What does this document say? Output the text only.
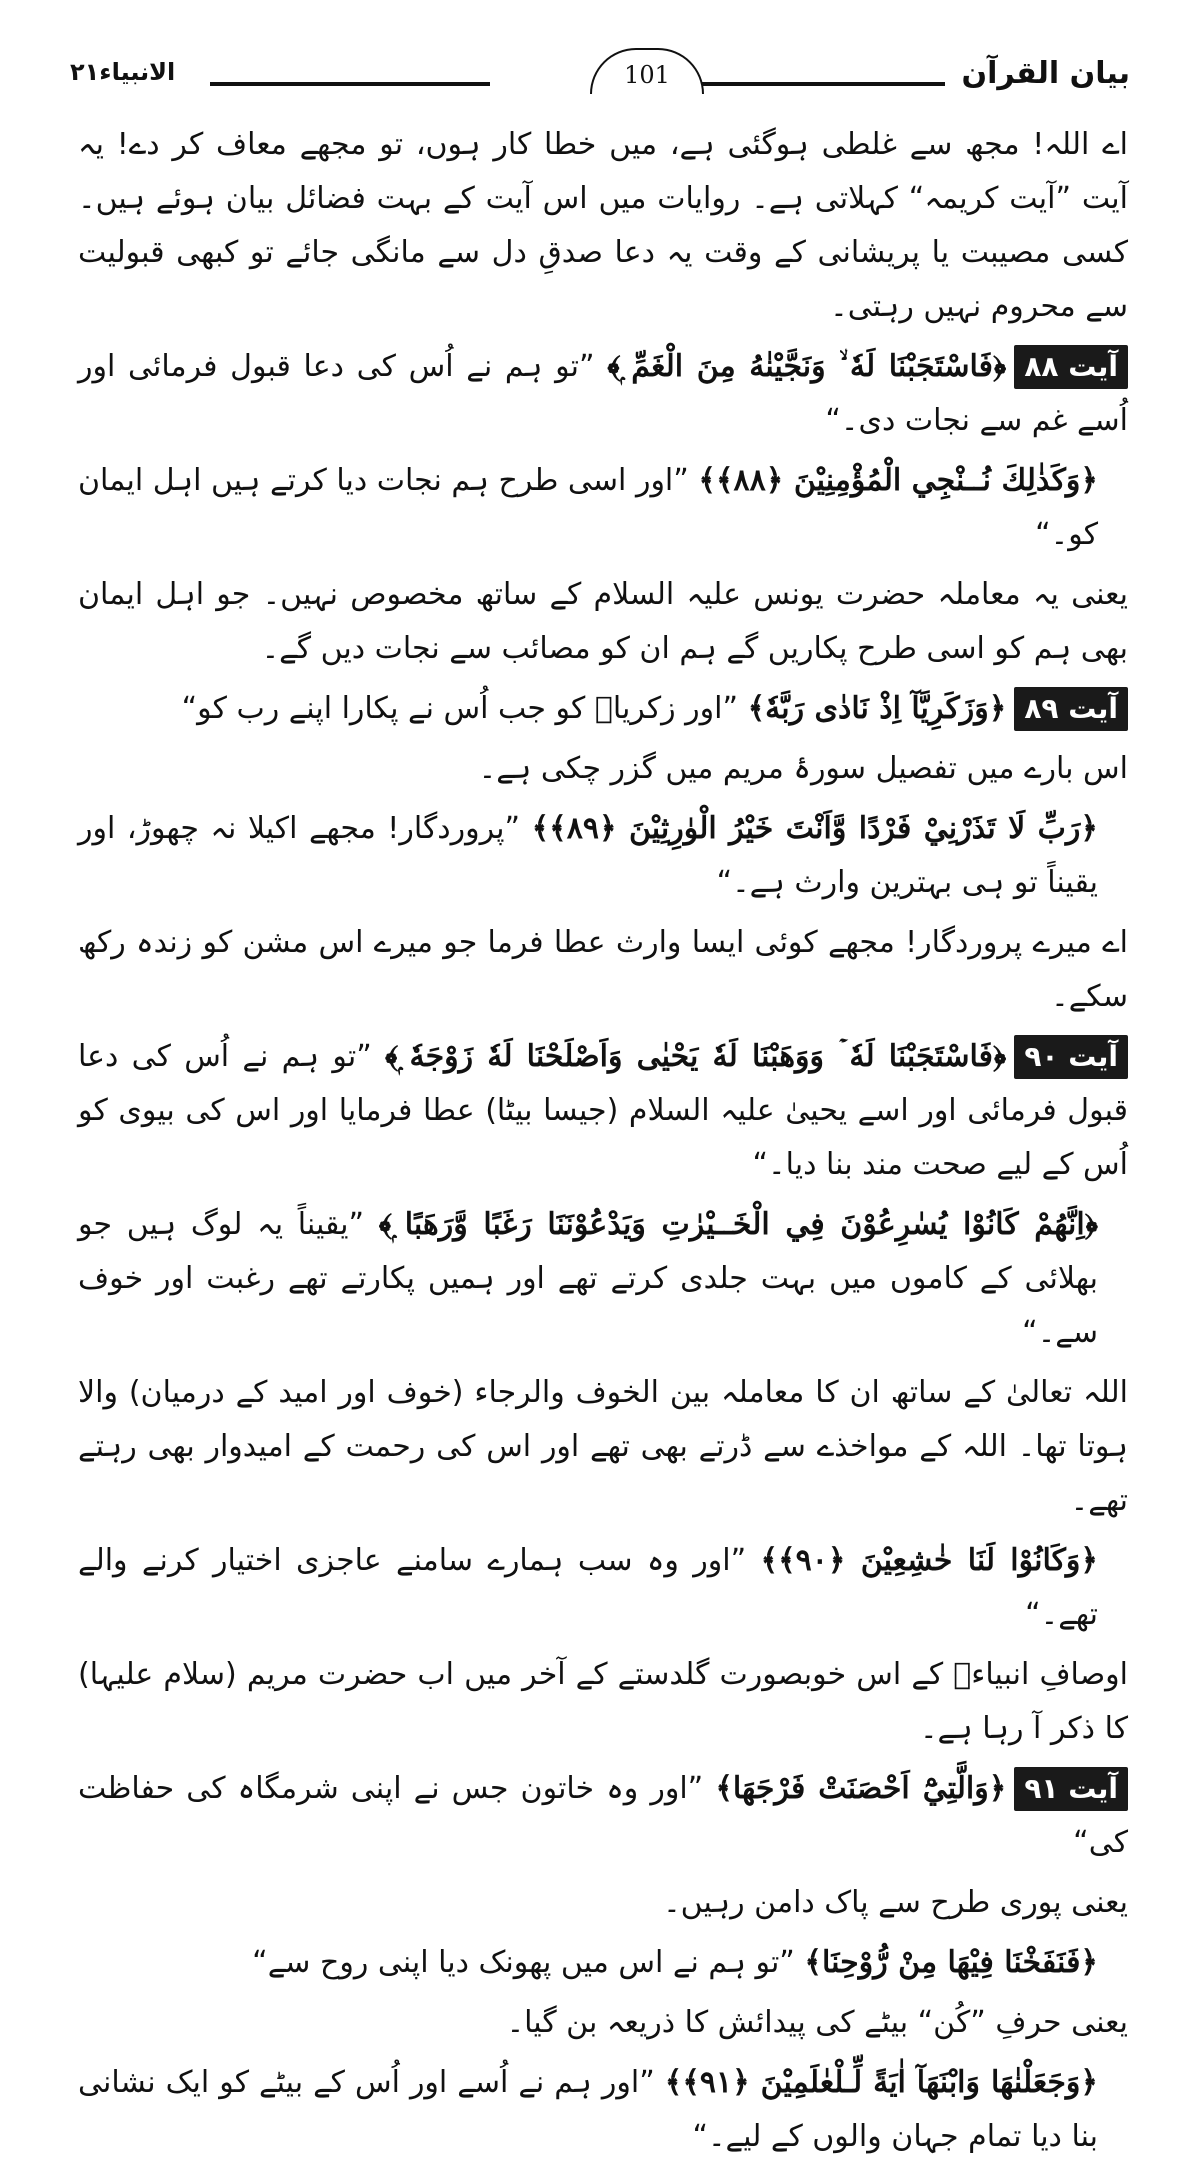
بیان القرآن
101
الانبیاء۲۱

اے اللہ! مجھ سے غلطی ہوگئی ہے، میں خطا کار ہوں، تو مجھے معاف کر دے! یہ آیت ”آیت کریمہ“ کہلاتی ہے۔ روایات میں اس آیت کے بہت فضائل بیان ہوئے ہیں۔ کسی مصیبت یا پریشانی کے وقت یہ دعا صدقِ دل سے مانگی جائے تو کبھی قبولیت سے محروم نہیں رہتی۔

آیت ۸۸﴿فَاسْتَجَبْنَا لَهٗ ۙ وَنَجَّيْنٰهُ مِنَ الْغَمِّ ۭ﴾ ”تو ہم نے اُس کی دعا قبول فرمائی اور اُسے غم سے نجات دی۔“

﴿وَكَذٰلِكَ نُــنْجِي الْمُؤْمِنِيْنَ ﴿٨٨﴾﴾ ”اور اسی طرح ہم نجات دیا کرتے ہیں اہل ایمان کو۔“

یعنی یہ معاملہ حضرت یونس علیہ السلام کے ساتھ مخصوص نہیں۔ جو اہل ایمان بھی ہم کو اسی طرح پکاریں گے ہم ان کو مصائب سے نجات دیں گے۔

آیت ۸۹﴿وَزَكَرِيَّآ اِذْ نَادٰى رَبَّهٗ﴾ ”اور زکریاؑ کو جب اُس نے پکارا اپنے رب کو“

اس بارے میں تفصیل سورۂ مریم میں گزر چکی ہے۔

﴿رَبِّ لَا تَذَرْنِيْ فَرْدًا وَّاَنْتَ خَيْرُ الْوٰرِثِيْنَ ﴿٨٩﴾﴾ ”پروردگار! مجھے اکیلا نہ چھوڑ، اور یقیناً تو ہی بہترین وارث ہے۔“

اے میرے پروردگار! مجھے کوئی ایسا وارث عطا فرما جو میرے اس مشن کو زندہ رکھ سکے۔

آیت ۹۰﴿فَاسْتَجَبْنَا لَهٗ ۡ وَوَهَبْنَا لَهٗ يَحْيٰى وَاَصْلَحْنَا لَهٗ زَوْجَهٗ ۭ﴾ ”تو ہم نے اُس کی دعا قبول فرمائی اور اسے یحییٰ علیہ السلام (جیسا بیٹا) عطا فرمایا اور اس کی بیوی کو اُس کے لیے صحت مند بنا دیا۔“

﴿اِنَّهُمْ كَانُوْا يُسٰرِعُوْنَ فِي الْخَــيْرٰتِ وَيَدْعُوْنَنَا رَغَبًا وَّرَهَبًا ۭ﴾ ”یقیناً یہ لوگ ہیں جو بھلائی کے کاموں میں بہت جلدی کرتے تھے اور ہمیں پکارتے تھے رغبت اور خوف سے۔“

اللہ تعالیٰ کے ساتھ ان کا معاملہ بین الخوف والرجاء (خوف اور امید کے درمیان) والا ہوتا تھا۔ اللہ کے مواخذے سے ڈرتے بھی تھے اور اس کی رحمت کے امیدوار بھی رہتے تھے۔

﴿وَكَانُوْا لَنَا خٰشِعِيْنَ ﴿٩٠﴾﴾ ”اور وہ سب ہمارے سامنے عاجزی اختیار کرنے والے تھے۔“

اوصافِ انبیاءؑ کے اس خوبصورت گلدستے کے آخر میں اب حضرت مریم (سلام علیہا) کا ذکر آ رہا ہے۔

آیت ۹۱﴿وَالَّتِيْٓ اَحْصَنَتْ فَرْجَهَا﴾ ”اور وہ خاتون جس نے اپنی شرمگاہ کی حفاظت کی“

یعنی پوری طرح سے پاک دامن رہیں۔

﴿فَنَفَخْنَا فِيْهَا مِنْ رُّوْحِنَا﴾ ”تو ہم نے اس میں پھونک دیا اپنی روح سے“

یعنی حرفِ ”کُن“ بیٹے کی پیدائش کا ذریعہ بن گیا۔

﴿وَجَعَلْنٰهَا وَابْنَهَآ اٰيَةً لِّـلْعٰلَمِيْنَ ﴿٩١﴾﴾ ”اور ہم نے اُسے اور اُس کے بیٹے کو ایک نشانی بنا دیا تمام جہان والوں کے لیے۔“
